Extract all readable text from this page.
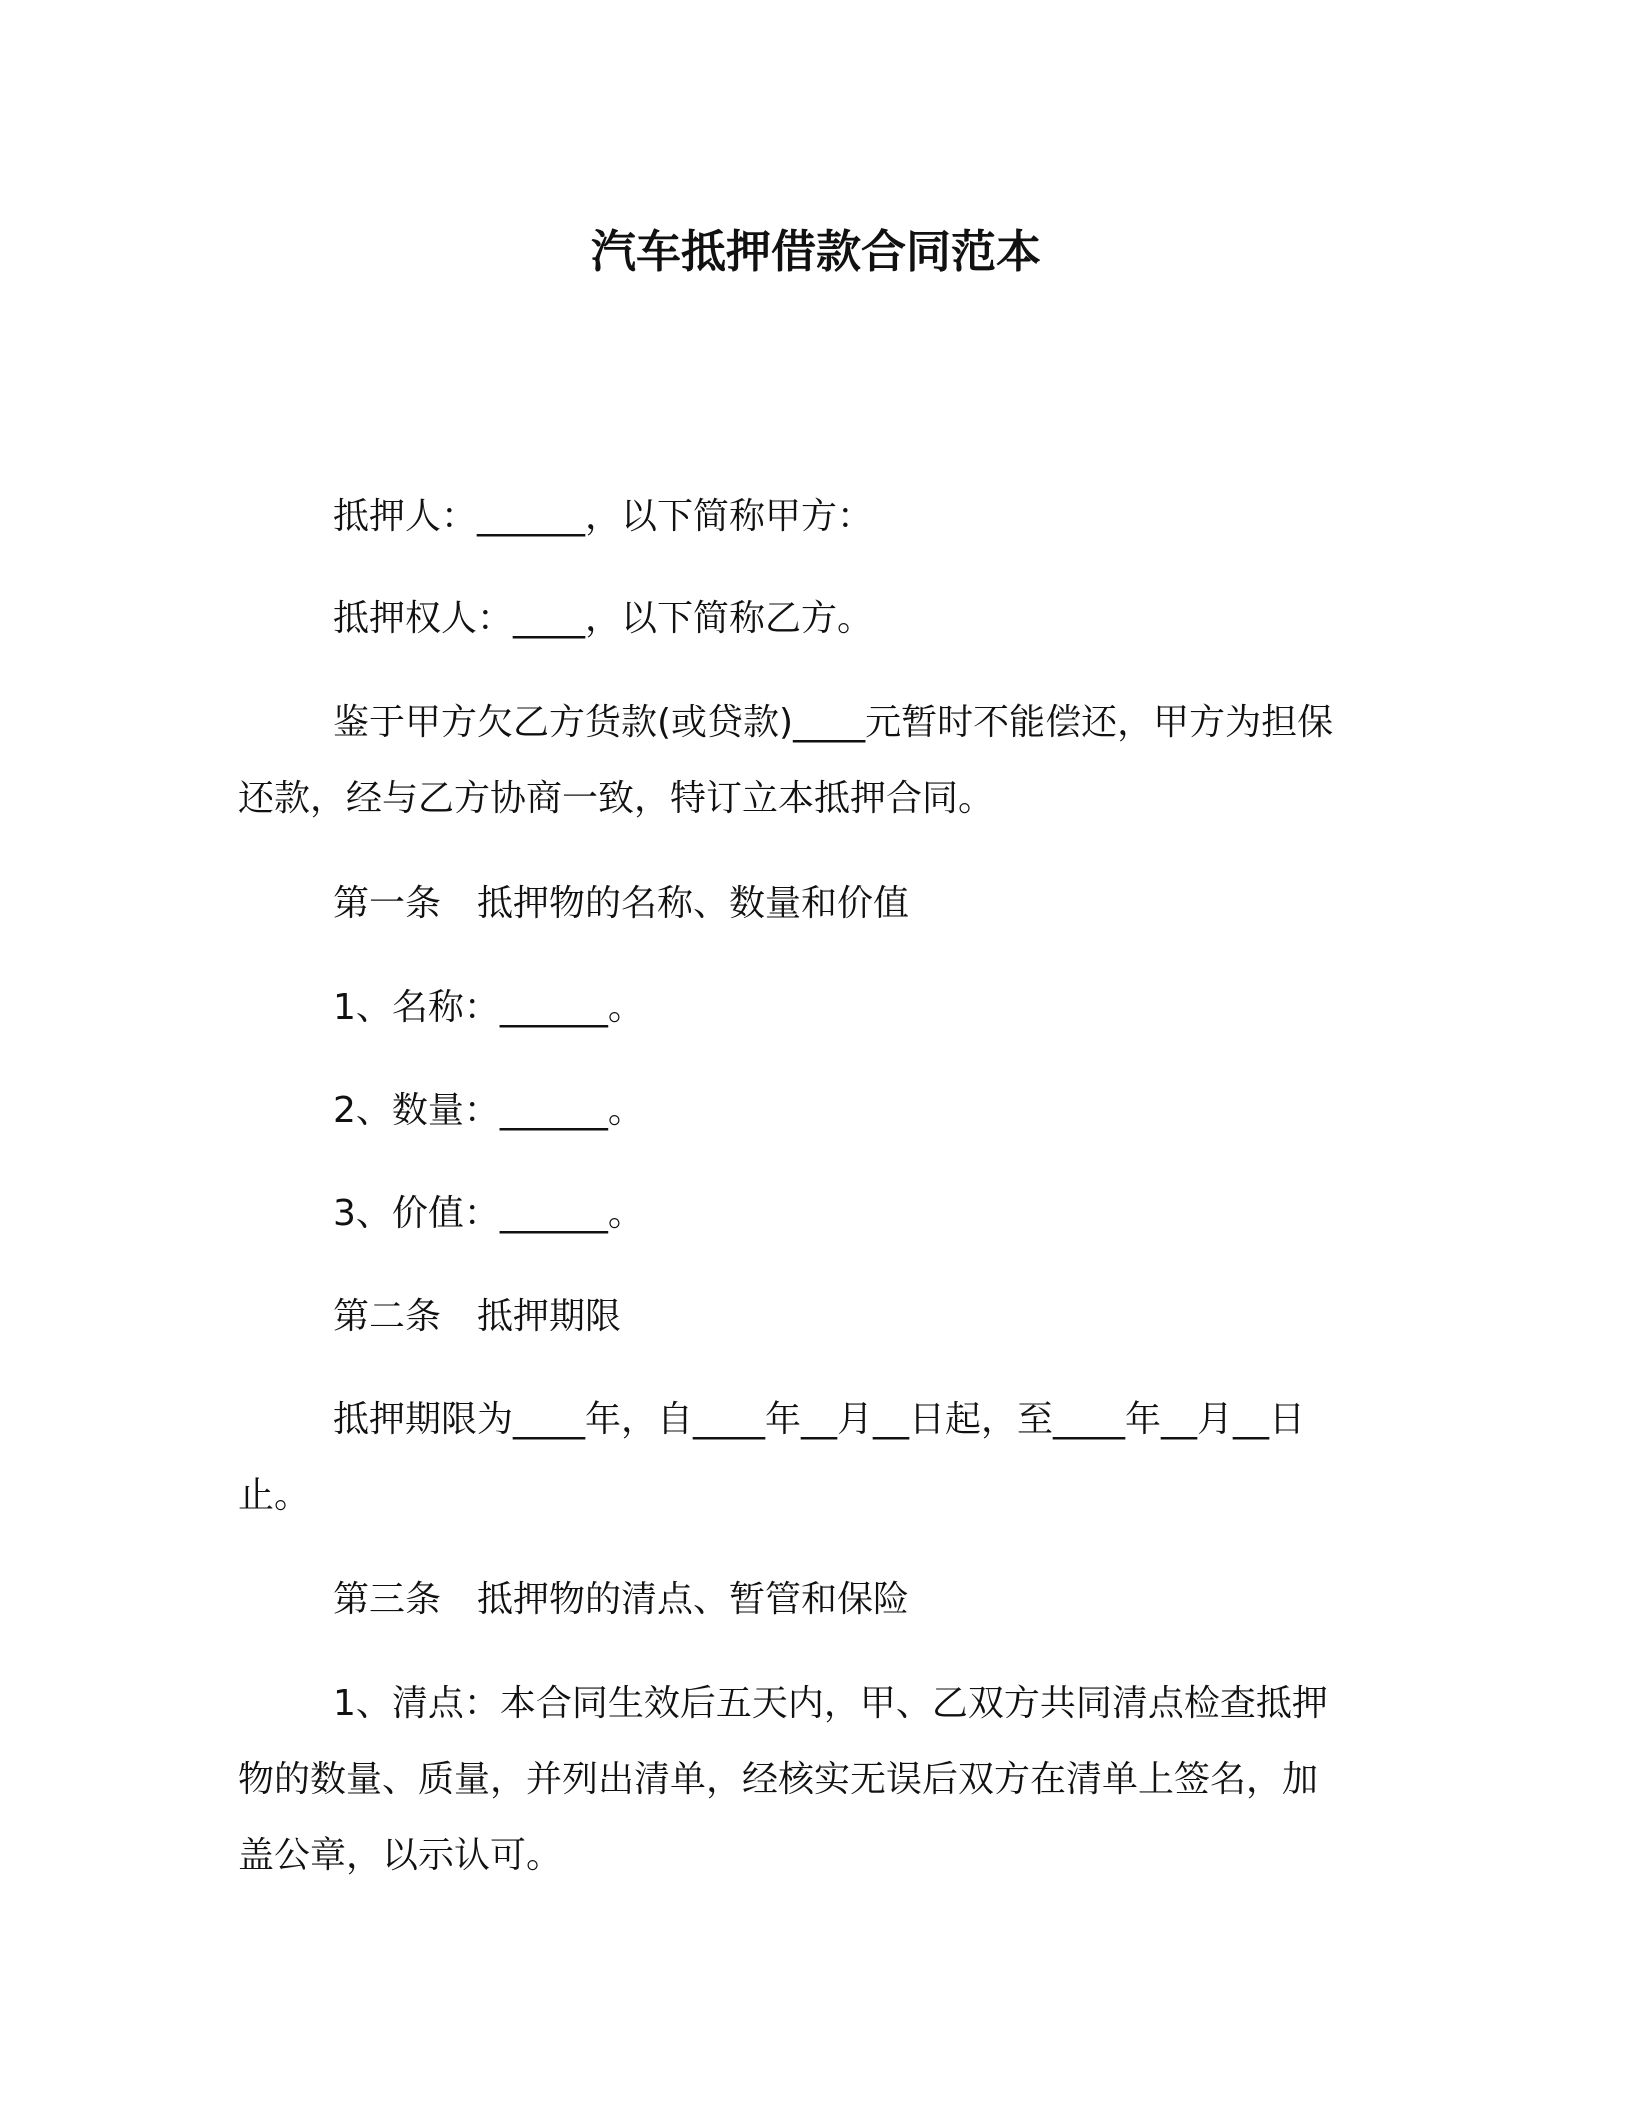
汽车抵押借款合同范本
抵押人：______，以下简称甲方：
抵押权人：____，以下简称乙方。
鉴于甲方欠乙方货款(或贷款)____元暂时不能偿还，甲方为担保
还款，经与乙方协商一致，特订立本抵押合同。
第一条 抵押物的名称、数量和价值
1、名称：______。
2、数量：______。
3、价值：______。
第二条 抵押期限
抵押期限为____年，自____年__月__日起，至____年__月__日
止。
第三条 抵押物的清点、暂管和保险
1、清点：本合同生效后五天内，甲、乙双方共同清点检查抵押
物的数量、质量，并列出清单，经核实无误后双方在清单上签名，加
盖公章，以示认可。
